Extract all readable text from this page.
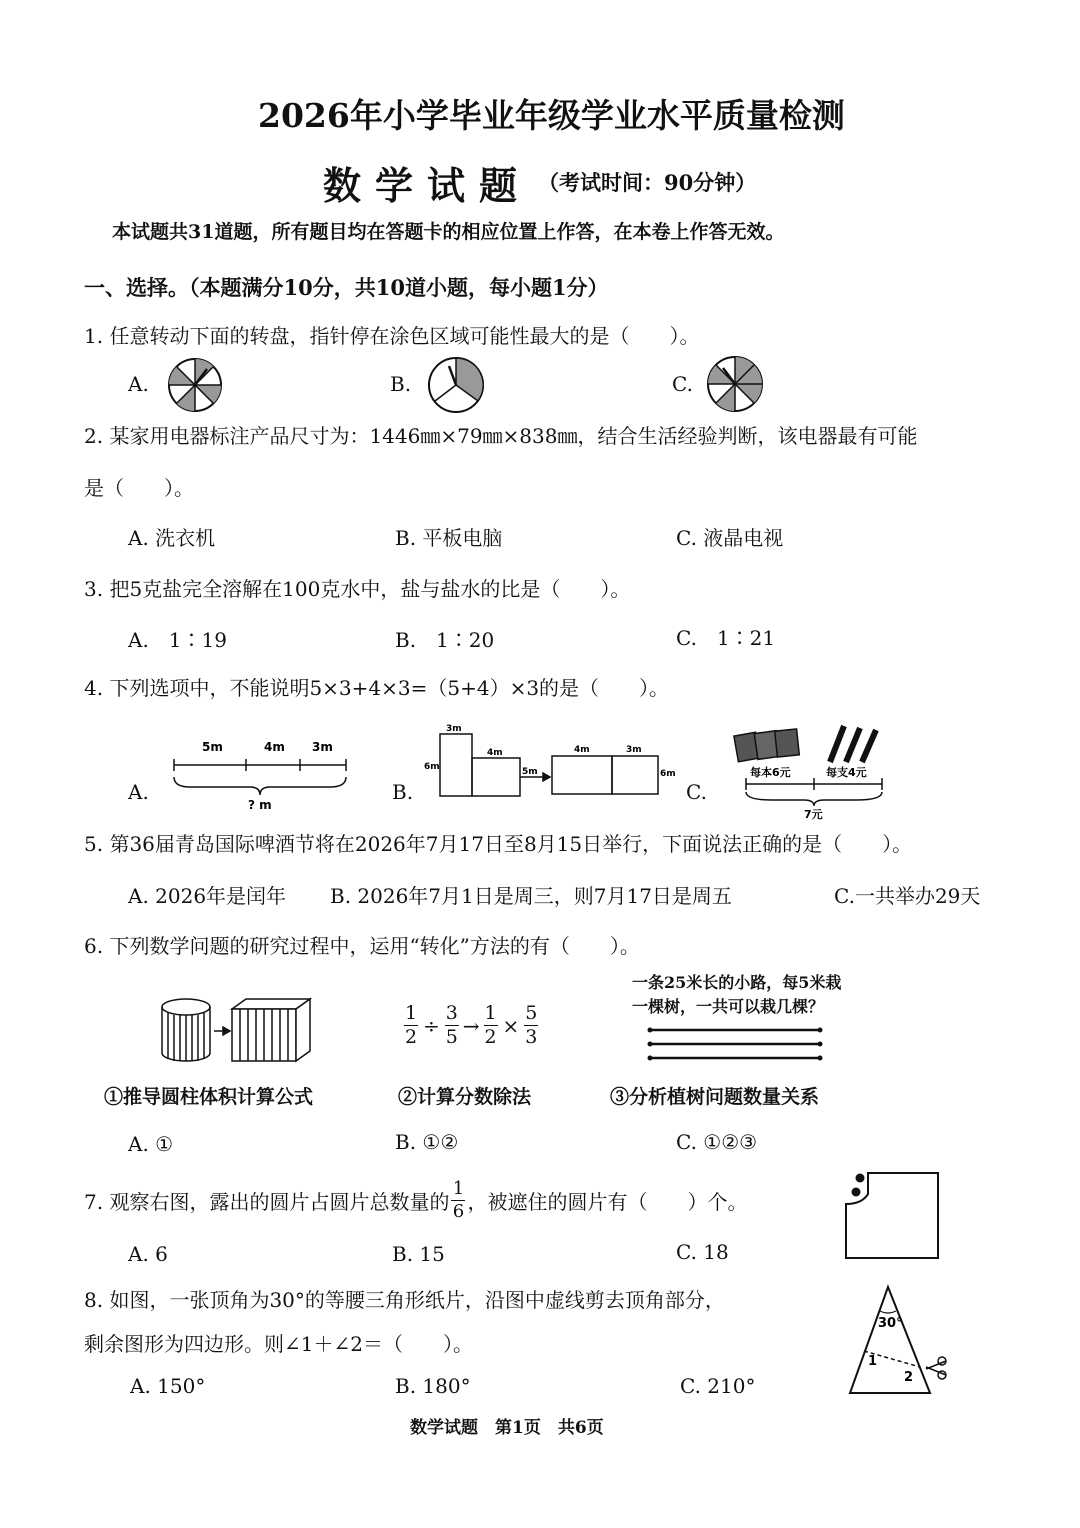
2026年小学毕业年级学业水平质量检测
数学试题 （考试时间：90分钟）
本试题共31道题，所有题目均在答题卡的相应位置上作答，在本卷上作答无效。
一、选择。（本题满分10分，共10道小题，每小题1分）
1. 任意转动下面的转盘，指针停在涂色区域可能性最大的是（　　）。
A.	B.	C.
2. 某家用电器标注产品尺寸为：1446㎜×79㎜×838㎜，结合生活经验判断，该电器最有可能
是（　　）。
A. 洗衣机	B. 平板电脑	C. 液晶电视
3. 把5克盐完全溶解在100克水中，盐与盐水的比是（　　）。
A.　1∶19	B.　1∶20	C.　1∶21
4. 下列选项中，不能说明5×3+4×3=（5+4）×3的是（　　）。
A.	B.	C.
5m	4m 3m
? m
3m
4m
6m	5m
4m	3m
6m	每本6元	每支4元
7元
5. 第36届青岛国际啤酒节将在2026年7月17日至8月15日举行，下面说法正确的是（　　）。
A. 2026年是闰年 B. 2026年7月1日是周三，则7月17日是周五	C.一共举办29天
6. 下列数学问题的研究过程中，运用“转化”方法的有（　　）。
$\frac{1}{2} \div \frac{3}{5} \to \frac{1}{2} \times \frac{5}{3}$
一条25米长的小路，每5米栽
一棵树，一共可以栽几棵？
①推导圆柱体积计算公式	②计算分数除法	③分析植树问题数量关系
A. ①	B. ①②	C. ①②③
7. 观察右图，露出的圆片占圆片总数量的 $\frac{1}{6}$ ，被遮住的圆片有（　　）个。
A. 6	B. 15	C. 18
8. 如图，一张顶角为30°的等腰三角形纸片，沿图中虚线剪去顶角部分，
剩余图形为四边形。则∠1＋∠2＝（　　）。
30°
1
2
A. 150°	B. 180°	C. 210°
数学试题　第1页　共6页
